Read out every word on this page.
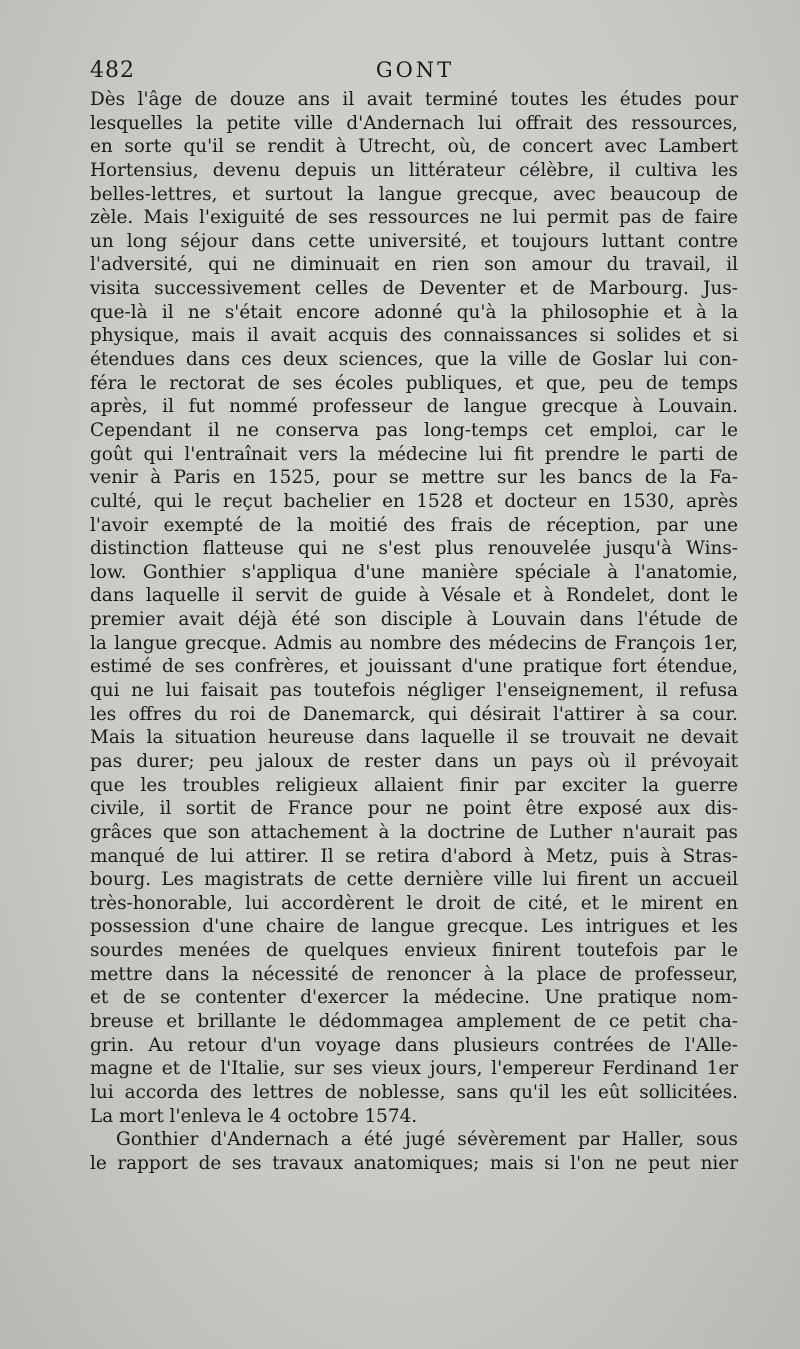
482	GONT
Dès l'âge de douze ans il avait terminé toutes les études pour
lesquelles la petite ville d'Andernach lui offrait des ressources,
en sorte qu'il se rendit à Utrecht, où, de concert avec Lambert
Hortensius, devenu depuis un littérateur célèbre, il cultiva les
belles-lettres, et surtout la langue grecque, avec beaucoup de
zèle. Mais l'exiguité de ses ressources ne lui permit pas de faire
un long séjour dans cette université, et toujours luttant contre
l'adversité, qui ne diminuait en rien son amour du travail, il
visita successivement celles de Deventer et de Marbourg. Jus-
que-là il ne s'était encore adonné qu'à la philosophie et à la
physique, mais il avait acquis des connaissances si solides et si
étendues dans ces deux sciences, que la ville de Goslar lui con-
féra le rectorat de ses écoles publiques, et que, peu de temps
après, il fut nommé professeur de langue grecque à Louvain.
Cependant il ne conserva pas long-temps cet emploi, car le
goût qui l'entraînait vers la médecine lui fit prendre le parti de
venir à Paris en 1525, pour se mettre sur les bancs de la Fa-
culté, qui le reçut bachelier en 1528 et docteur en 1530, après
l'avoir exempté de la moitié des frais de réception, par une
distinction flatteuse qui ne s'est plus renouvelée jusqu'à Wins-
low. Gonthier s'appliqua d'une manière spéciale à l'anatomie,
dans laquelle il servit de guide à Vésale et à Rondelet, dont le
premier avait déjà été son disciple à Louvain dans l'étude de
la langue grecque. Admis au nombre des médecins de François 1er,
estimé de ses confrères, et jouissant d'une pratique fort étendue,
qui ne lui faisait pas toutefois négliger l'enseignement, il refusa
les offres du roi de Danemarck, qui désirait l'attirer à sa cour.
Mais la situation heureuse dans laquelle il se trouvait ne devait
pas durer; peu jaloux de rester dans un pays où il prévoyait
que les troubles religieux allaient finir par exciter la guerre
civile, il sortit de France pour ne point être exposé aux dis-
grâces que son attachement à la doctrine de Luther n'aurait pas
manqué de lui attirer. Il se retira d'abord à Metz, puis à Stras-
bourg. Les magistrats de cette dernière ville lui firent un accueil
très-honorable, lui accordèrent le droit de cité, et le mirent en
possession d'une chaire de langue grecque. Les intrigues et les
sourdes menées de quelques envieux finirent toutefois par le
mettre dans la nécessité de renoncer à la place de professeur,
et de se contenter d'exercer la médecine. Une pratique nom-
breuse et brillante le dédommagea amplement de ce petit cha-
grin. Au retour d'un voyage dans plusieurs contrées de l'Alle-
magne et de l'Italie, sur ses vieux jours, l'empereur Ferdinand 1er
lui accorda des lettres de noblesse, sans qu'il les eût sollicitées.
La mort l'enleva le 4 octobre 1574.
Gonthier d'Andernach a été jugé sévèrement par Haller, sous
le rapport de ses travaux anatomiques; mais si l'on ne peut nier
